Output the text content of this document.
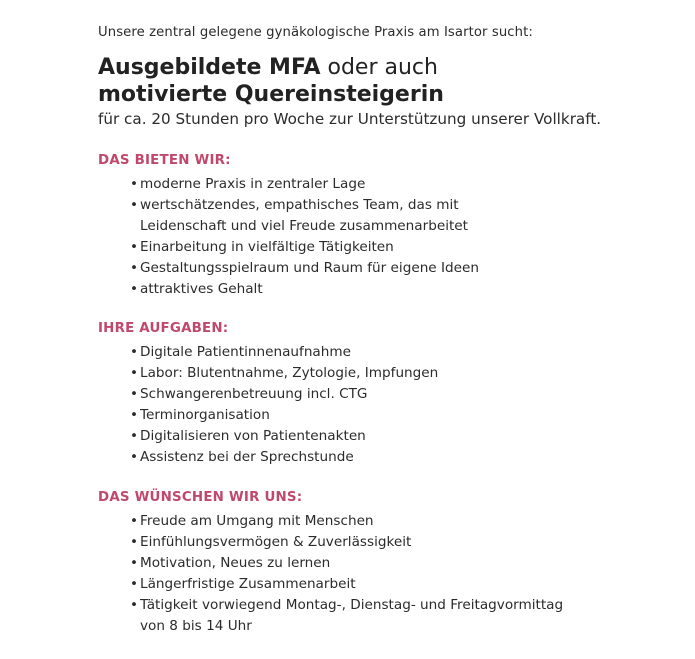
Unsere zentral gelegene gynäkologische Praxis am Isartor sucht:

Ausgebildete MFA oder auch
motivierte Quereinsteigerin

für ca. 20 Stunden pro Woche zur Unterstützung unserer Vollkraft.

DAS BIETEN WIR:
• moderne Praxis in zentraler Lage
• wertschätzendes, empathisches Team, das mit
Leidenschaft und viel Freude zusammenarbeitet
• Einarbeitung in vielfältige Tätigkeiten
• Gestaltungsspielraum und Raum für eigene Ideen
• attraktives Gehalt
IHRE AUFGABEN:
• Digitale Patientinnenaufnahme
• Labor: Blutentnahme, Zytologie, Impfungen
• Schwangerenbetreuung incl. CTG
• Terminorganisation
• Digitalisieren von Patientenakten
• Assistenz bei der Sprechstunde
DAS WÜNSCHEN WIR UNS:
• Freude am Umgang mit Menschen
• Einfühlungsvermögen & Zuverlässigkeit
• Motivation, Neues zu lernen
• Längerfristige Zusammenarbeit
• Tätigkeit vorwiegend Montag-, Dienstag- und Freitagvormittag
von 8 bis 14 Uhr
